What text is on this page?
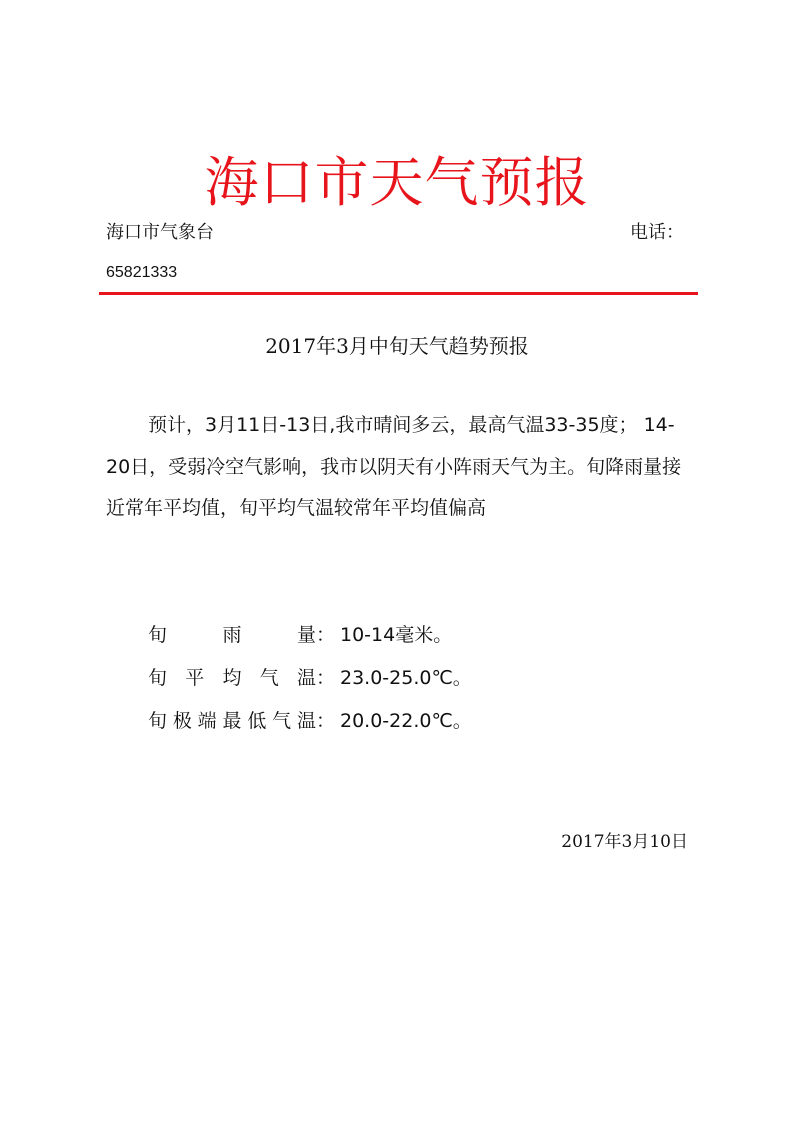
海口市天气预报
海口市气象台	电话：
65821333
2017年3月中旬天气趋势预报

预计，3月11日-13日,我市晴间多云，最高气温33-35度； 14-20日，受弱冷空气影响，我市以阴天有小阵雨天气为主。旬降雨量接近常年平均值，旬平均气温较常年平均值偏高

旬雨量 ： 10-14毫米。
旬平均气温 ： 23.0-25.0℃。
旬极端最低气温 ： 20.0-22.0℃。
2017年3月10日
